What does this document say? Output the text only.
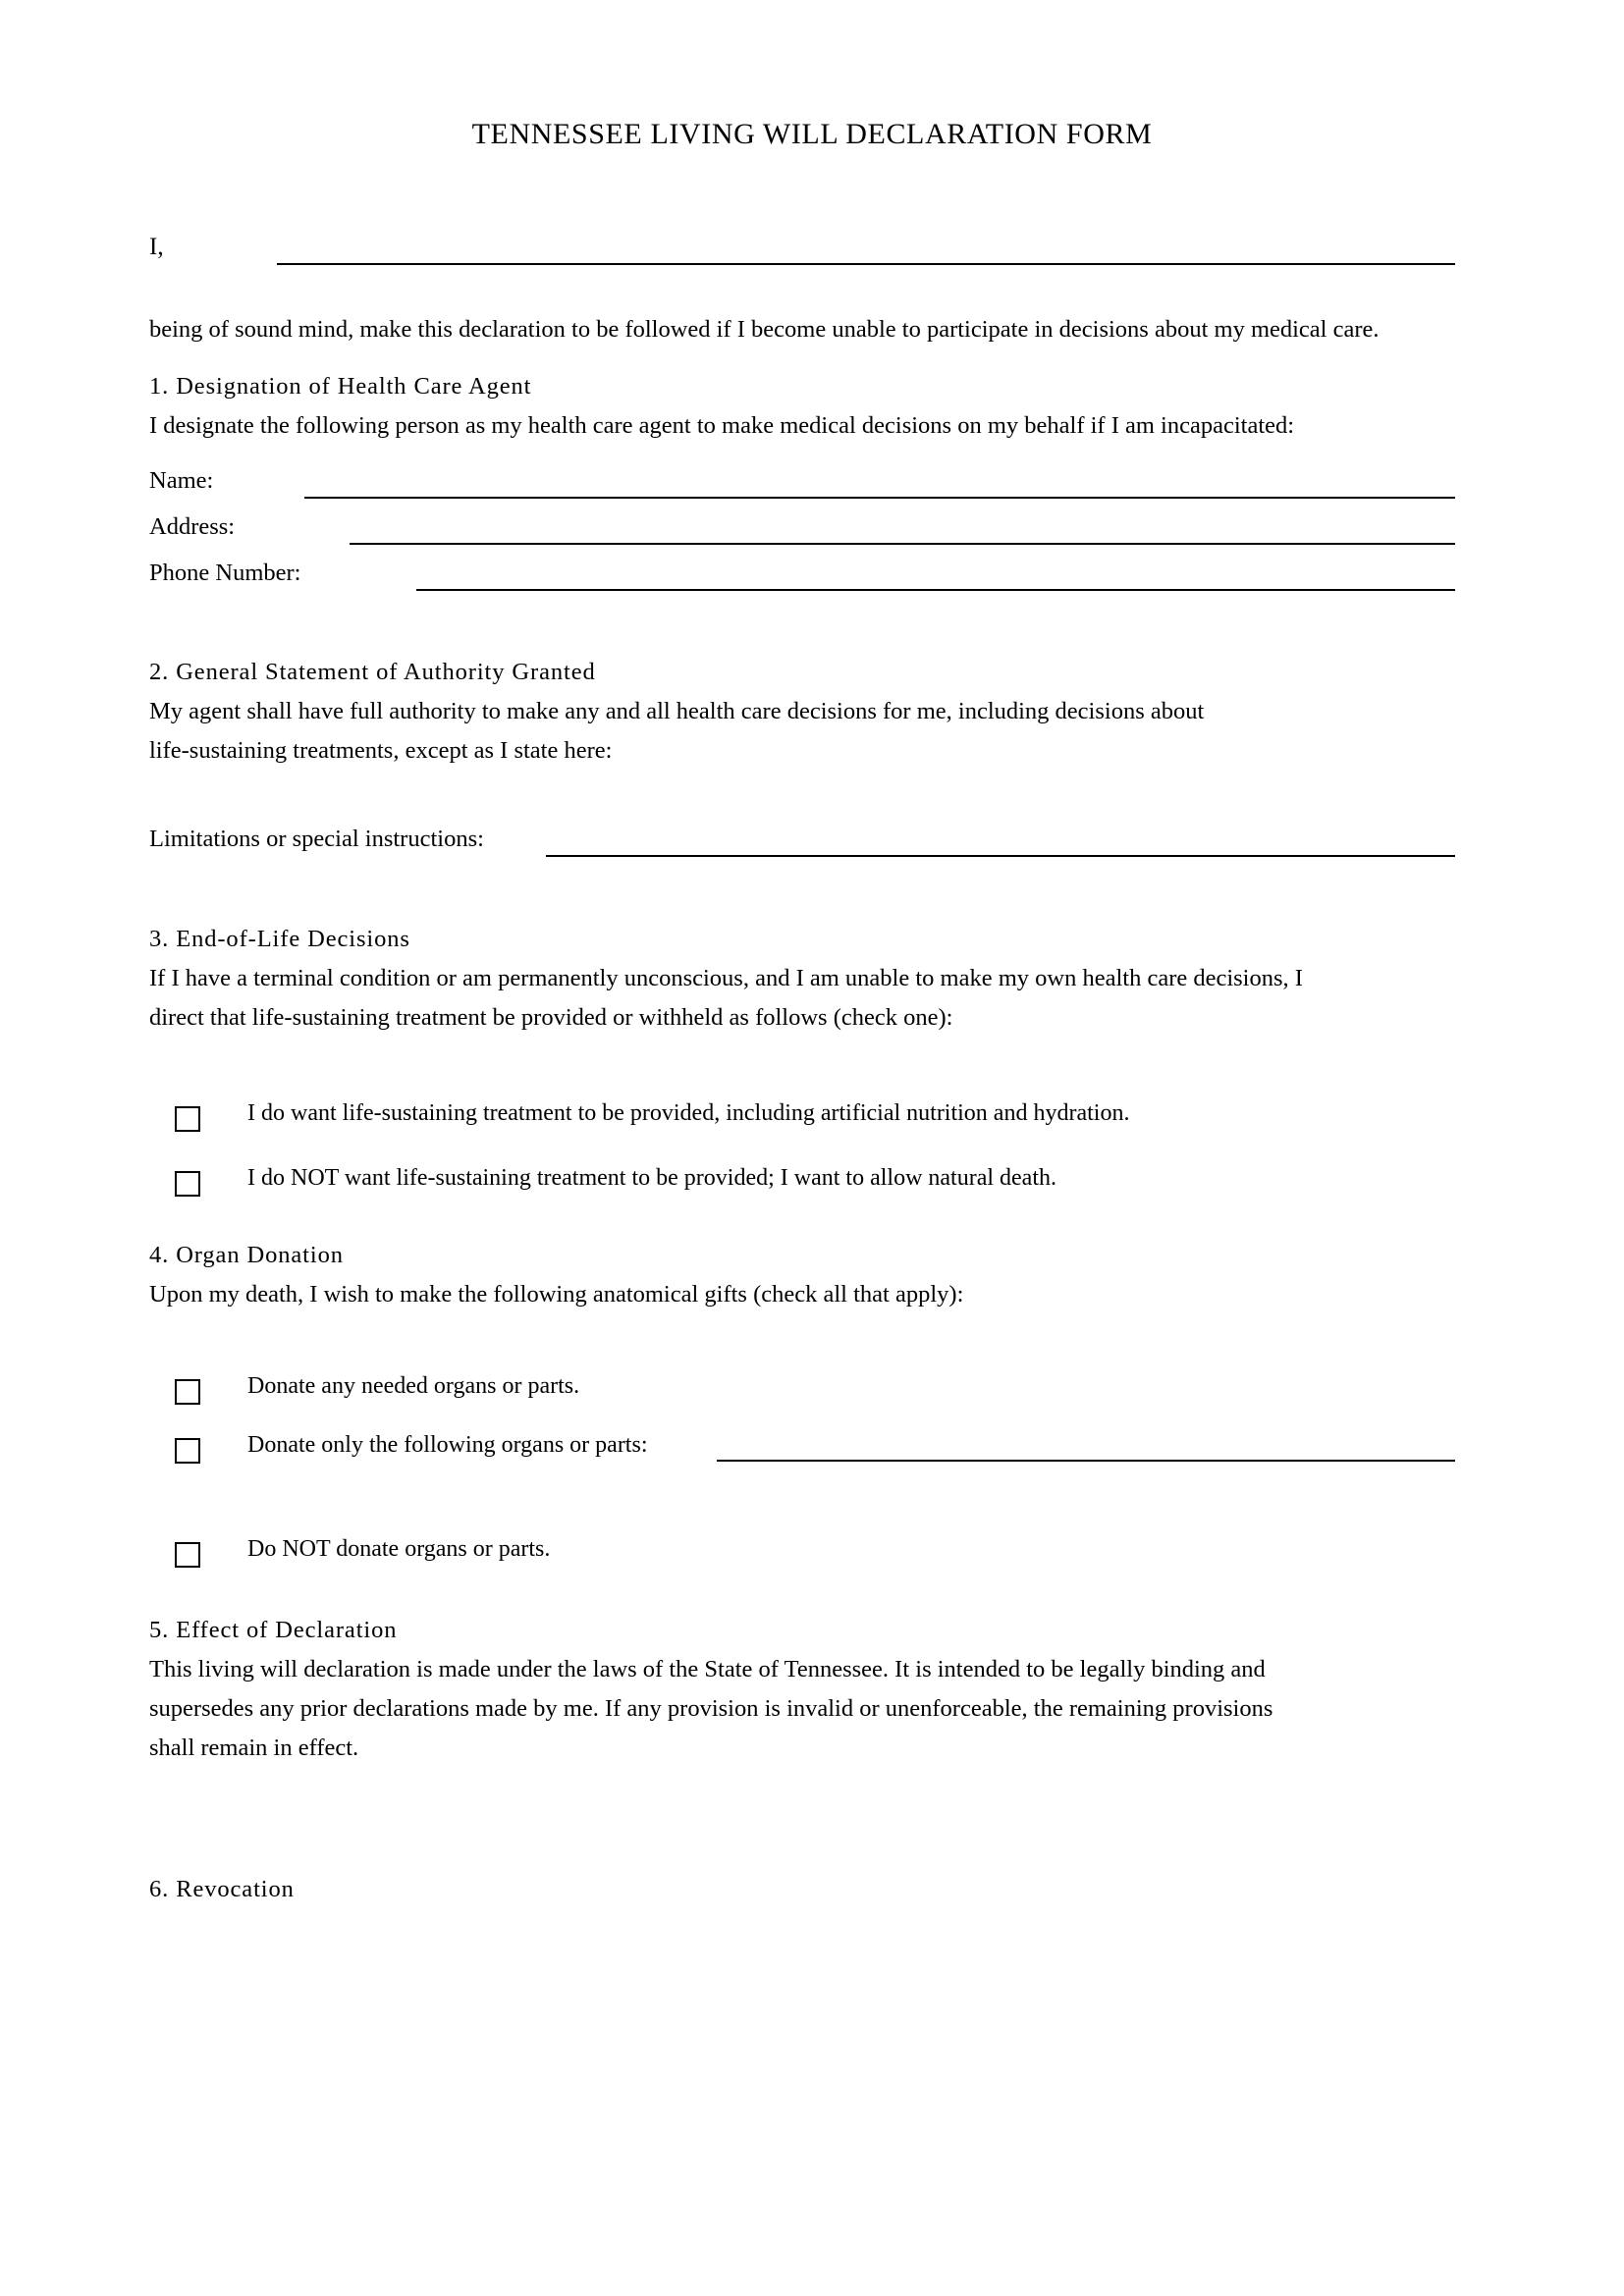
TENNESSEE LIVING WILL DECLARATION FORM
I,

being of sound mind, make this declaration to be followed if I become unable to participate in decisions about my medical care.

1. Designation of Health Care Agent

I designate the following person as my health care agent to make medical decisions on my behalf if I am incapacitated:

Name:
Address:
Phone Number:

2. General Statement of Authority Granted

My agent shall have full authority to make any and all health care decisions for me, including decisions about

life-sustaining treatments, except as I state here:

Limitations or special instructions:

3. End-of-Life Decisions

If I have a terminal condition or am permanently unconscious, and I am unable to make my own health care decisions, I

direct that life-sustaining treatment be provided or withheld as follows (check one):

I do want life-sustaining treatment to be provided, including artificial nutrition and hydration.
I do NOT want life-sustaining treatment to be provided; I want to allow natural death.

4. Organ Donation

Upon my death, I wish to make the following anatomical gifts (check all that apply):

Donate any needed organs or parts.
Donate only the following organs or parts:
Do NOT donate organs or parts.

5. Effect of Declaration

This living will declaration is made under the laws of the State of Tennessee. It is intended to be legally binding and

supersedes any prior declarations made by me. If any provision is invalid or unenforceable, the remaining provisions

shall remain in effect.

6. Revocation
